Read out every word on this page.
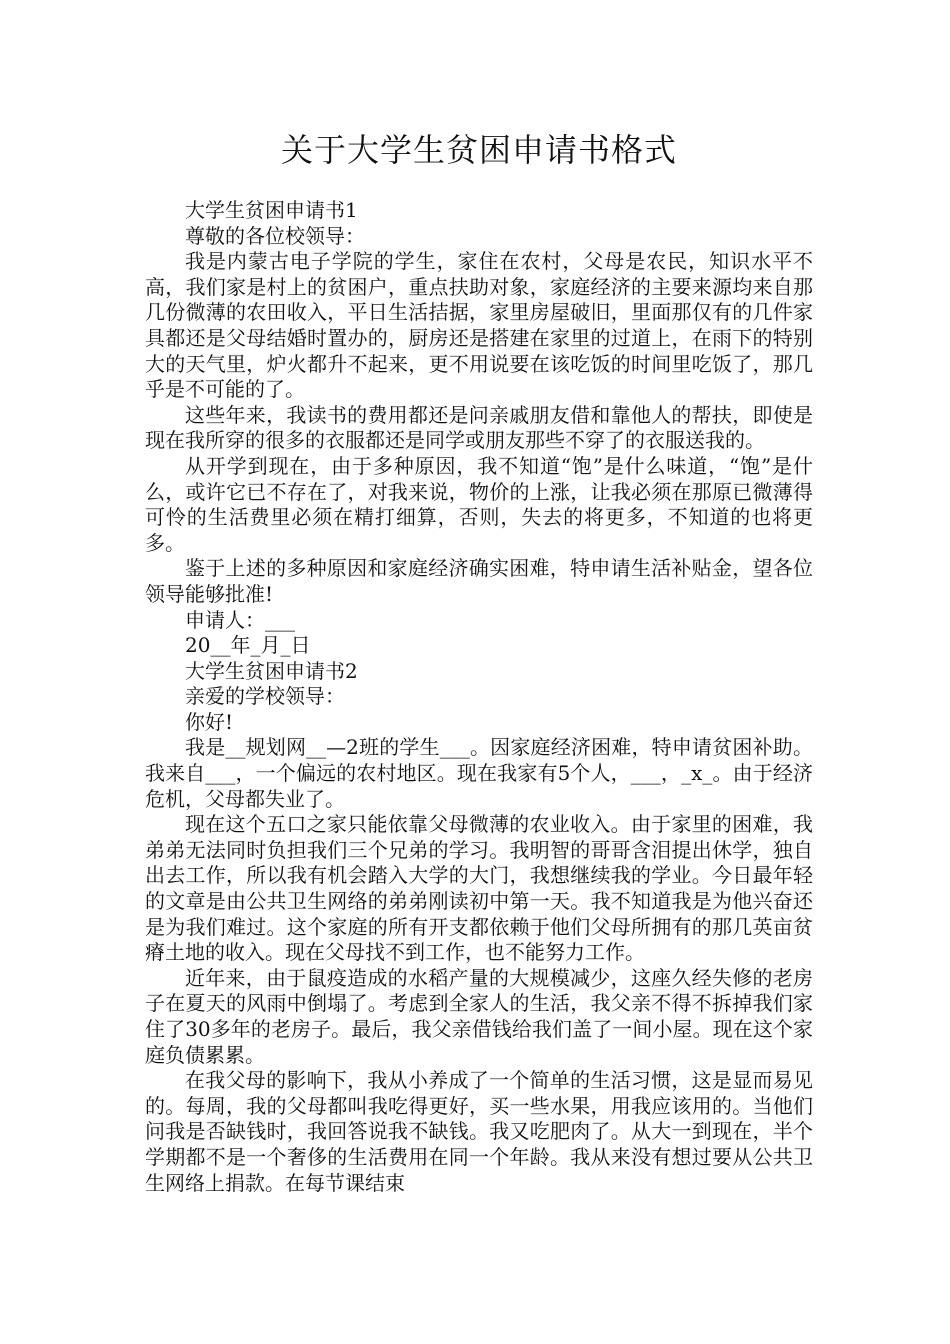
关于大学生贫困申请书格式

大学生贫困申请书1

尊敬的各位校领导：

我是内蒙古电子学院的学生，家住在农村，父母是农民，知识水平不高，我们家是村上的贫困户，重点扶助对象，家庭经济的主要来源均来自那几份微薄的农田收入，平日生活拮据，家里房屋破旧，里面那仅有的几件家具都还是父母结婚时置办的，厨房还是搭建在家里的过道上，在雨下的特别大的天气里，炉火都升不起来，更不用说要在该吃饭的时间里吃饭了，那几乎是不可能的了。

这些年来，我读书的费用都还是问亲戚朋友借和靠他人的帮扶，即使是现在我所穿的很多的衣服都还是同学或朋友那些不穿了的衣服送我的。

从开学到现在，由于多种原因，我不知道“饱”是什么味道，“饱”是什么，或许它已不存在了，对我来说，物价的上涨，让我必须在那原已微薄得可怜的生活费里必须在精打细算，否则，失去的将更多，不知道的也将更多。

鉴于上述的多种原因和家庭经济确实困难，特申请生活补贴金，望各位领导能够批准!

申请人：___

20__年_月_日

大学生贫困申请书2

亲爱的学校领导：

你好!

我是__规划网__—2班的学生___。因家庭经济困难，特申请贫困补助。我来自___，一个偏远的农村地区。现在我家有5个人，___，_x_。由于经济危机，父母都失业了。

现在这个五口之家只能依靠父母微薄的农业收入。由于家里的困难，我弟弟无法同时负担我们三个兄弟的学习。我明智的哥哥含泪提出休学，独自出去工作，所以我有机会踏入大学的大门，我想继续我的学业。今日最年轻的文章是由公共卫生网络的弟弟刚读初中第一天。我不知道我是为他兴奋还是为我们难过。这个家庭的所有开支都依赖于他们父母所拥有的那几英亩贫瘠土地的收入。现在父母找不到工作，也不能努力工作。

近年来，由于鼠疫造成的水稻产量的大规模减少，这座久经失修的老房子在夏天的风雨中倒塌了。考虑到全家人的生活，我父亲不得不拆掉我们家住了30多年的老房子。最后，我父亲借钱给我们盖了一间小屋。现在这个家庭负债累累。

在我父母的影响下，我从小养成了一个简单的生活习惯，这是显而易见的。每周，我的父母都叫我吃得更好，买一些水果，用我应该用的。当他们问我是否缺钱时，我回答说我不缺钱。我又吃肥肉了。从大一到现在，半个学期都不是一个奢侈的生活费用在同一个年龄。我从来没有想过要从公共卫生网络上捐款。在每节课结束
